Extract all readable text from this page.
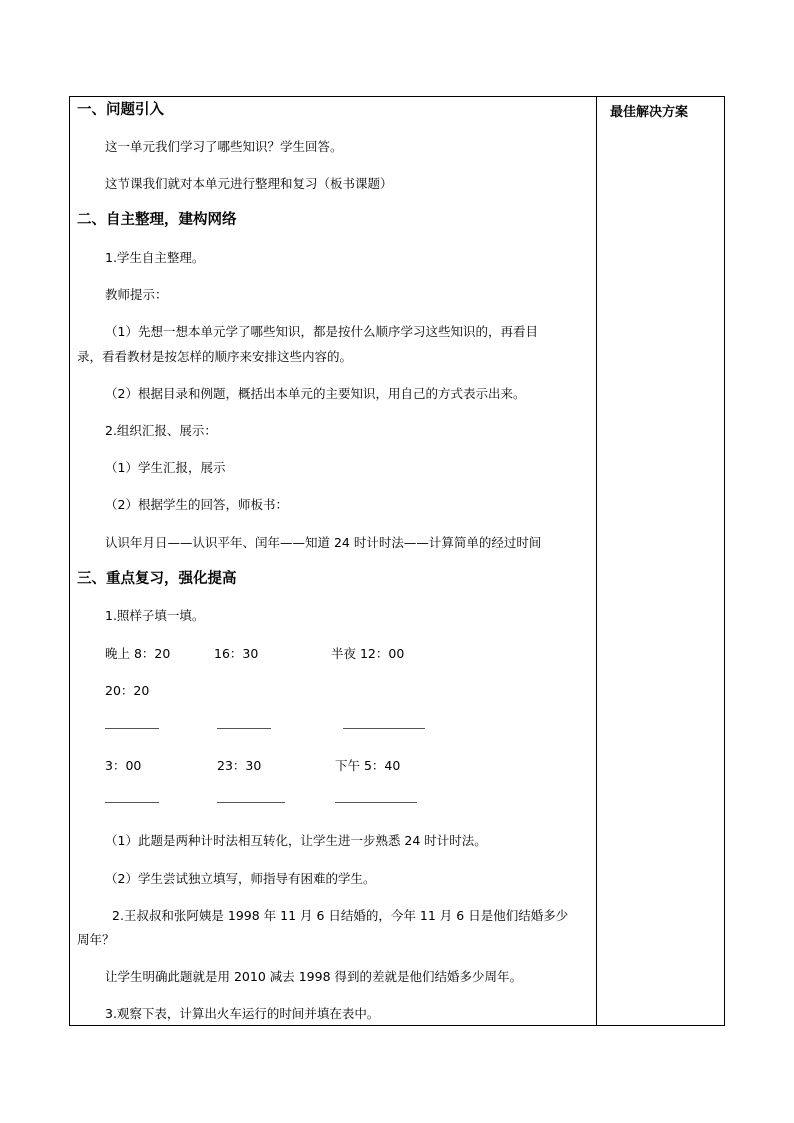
最佳解决方案
一、问题引入
这一单元我们学习了哪些知识？学生回答。
这节课我们就对本单元进行整理和复习（板书课题）
二、自主整理，建构网络
1.学生自主整理。
教师提示：
（1）先想一想本单元学了哪些知识，都是按什么顺序学习这些知识的，再看目
录，看看教材是按怎样的顺序来安排这些内容的。
（2）根据目录和例题，概括出本单元的主要知识，用自己的方式表示出来。
2.组织汇报、展示：
（1）学生汇报，展示
（2）根据学生的回答，师板书：
认识年月日——认识平年、闰年——知道 24 时计时法——计算简单的经过时间
三、重点复习，强化提高
1.照样子填一填。
晚上 8：20	16：30	半夜 12：00
20：20
3：00	23：30	下午 5：40
（1）此题是两种计时法相互转化，让学生进一步熟悉 24 时计时法。
（2）学生尝试独立填写，师指导有困难的学生。
2.王叔叔和张阿姨是 1998 年 11 月 6 日结婚的，今年 11 月 6 日是他们结婚多少
周年？
让学生明确此题就是用 2010 减去 1998 得到的差就是他们结婚多少周年。
3.观察下表，计算出火车运行的时间并填在表中。
